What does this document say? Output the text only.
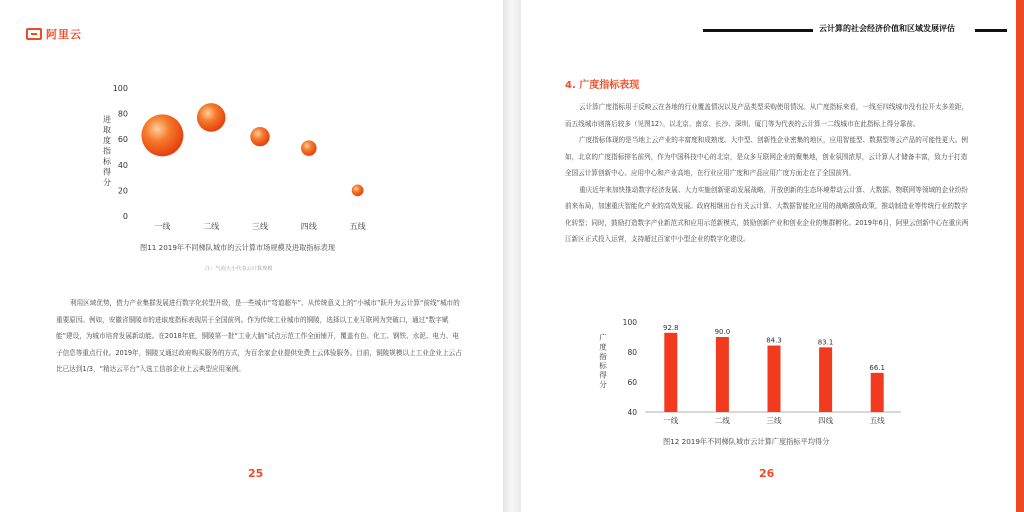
阿里云
进取度指标得分
0
20
40
60
80
100
一线	二线	三线	四线	五线
图11 2019年不同梯队城市的云计算市场规模及进取指标表现
注：气泡大小代表云计算规模

利用区域优势，借力产业集群发展进行数字化转型升级，是一些城市“弯道超车”、从传统意义上的“小城市”跃升为云计算“前线”城市的重要原因。例如，安徽省铜陵市的进取度指标表现居于全国前列。作为传统工业城市的铜陵，选择以工业互联网为突破口，通过“数字赋能”建设，为城市培育发展新动能。在2018年底，铜陵第一批“工业大脑”试点示范工作全面铺开，覆盖有色、化工、钢铁、水泥、电力、电子信息等重点行业。2019年，铜陵又通过政府购买服务的方式，为百余家企业提供免费上云体验服务。目前，铜陵规模以上工业企业上云占比已达到1/3，“精达云平台”入选工信部企业上云典型应用案例。

25
云计算的社会经济价值和区域发展评估
4. 广度指标表现

云计算广度指标用于反映云在各地的行业覆盖情况以及产品类型采购使用情况。从广度指标来看，一线至四线城市没有拉开太多差距，而五线城市则落后较多（见图12）。以北京、南京、长沙、深圳、厦门等为代表的云计算一二线城市在此指标上得分靠前。

广度指标体现的是当地上云产业的丰富度和成熟度。大中型、创新性企业密集的地区，应用智能型、数据型等云产品的可能性更大。例如，北京的广度指标排名前列，作为中国科技中心的北京，是众多互联网企业的聚集地，创业氛围浓厚，云计算人才储备丰富，致力于打造全国云计算创新中心、应用中心和产业高地，在行业应用广度和产品应用广度方面走在了全国前列。

重庆近年来加快推动数字经济发展、大力实施创新驱动发展战略，开放创新的生态环境带动云计算、大数据、物联网等领域的企业纷纷前来布局，加速重庆智能化产业的高效发展。政府相继出台有关云计算、大数据智能化应用的战略激励政策，推动制造业等传统行业的数字化转型；同时，鼓励打造数字产业新范式和应用示范新模式，鼓励创新产业和创业企业的集群孵化。2019年6月，阿里云创新中心在重庆两江新区正式投入运营，支持超过百家中小型企业的数字化建设。

广度指标得分
40
60
80
100
92.8
一线
90.0
二线
84.3
三线
83.1
四线
66.1
五线
图12 2019年不同梯队城市云计算广度指标平均得分
26
